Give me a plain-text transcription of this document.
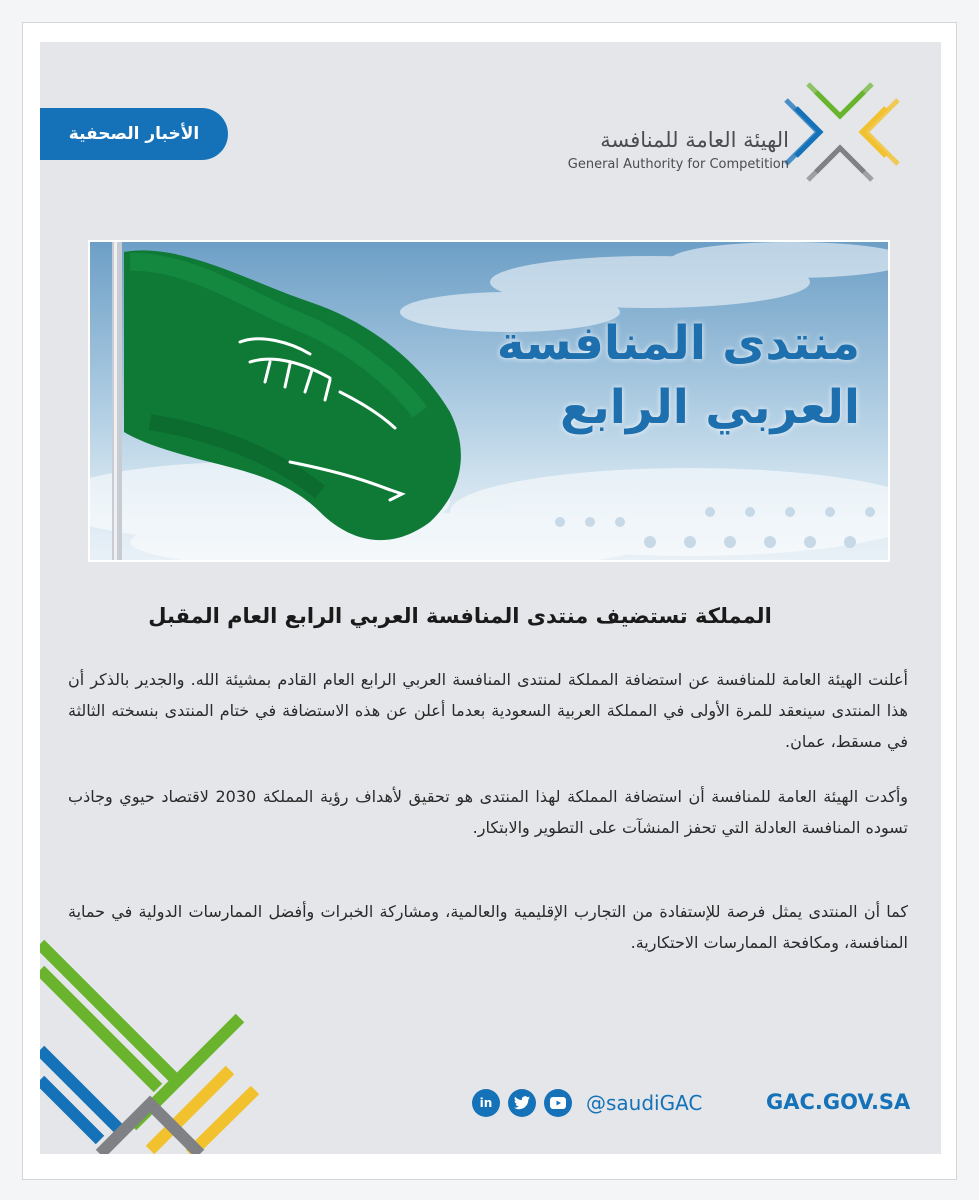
الأخبار الصحفية	الهيئة العامة للمنافسة
General Authority for Competition
منتدى المنافسة
العربي الرابع
المملكة تستضيف منتدى المنافسة العربي الرابع العام المقبل
أعلنت الهيئة العامة للمنافسة عن استضافة المملكة لمنتدى المنافسة العربي الرابع العام القادم بمشيئة الله. والجدير بالذكر أن هذا المنتدى سينعقد للمرة الأولى في المملكة العربية السعودية بعدما أعلن عن هذه الاستضافة في ختام المنتدى بنسخته الثالثة في مسقط، عمان.
وأكدت الهيئة العامة للمنافسة أن استضافة المملكة لهذا المنتدى هو تحقيق لأهداف رؤية المملكة 2030 لاقتصاد حيوي وجاذب تسوده المنافسة العادلة التي تحفز المنشآت على التطوير والابتكار.
كما أن المنتدى يمثل فرصة للإستفادة من التجارب الإقليمية والعالمية، ومشاركة الخبرات وأفضل الممارسات الدولية في حماية المنافسة، ومكافحة الممارسات الاحتكارية.
in	@saudiGAC	GAC.GOV.SA
